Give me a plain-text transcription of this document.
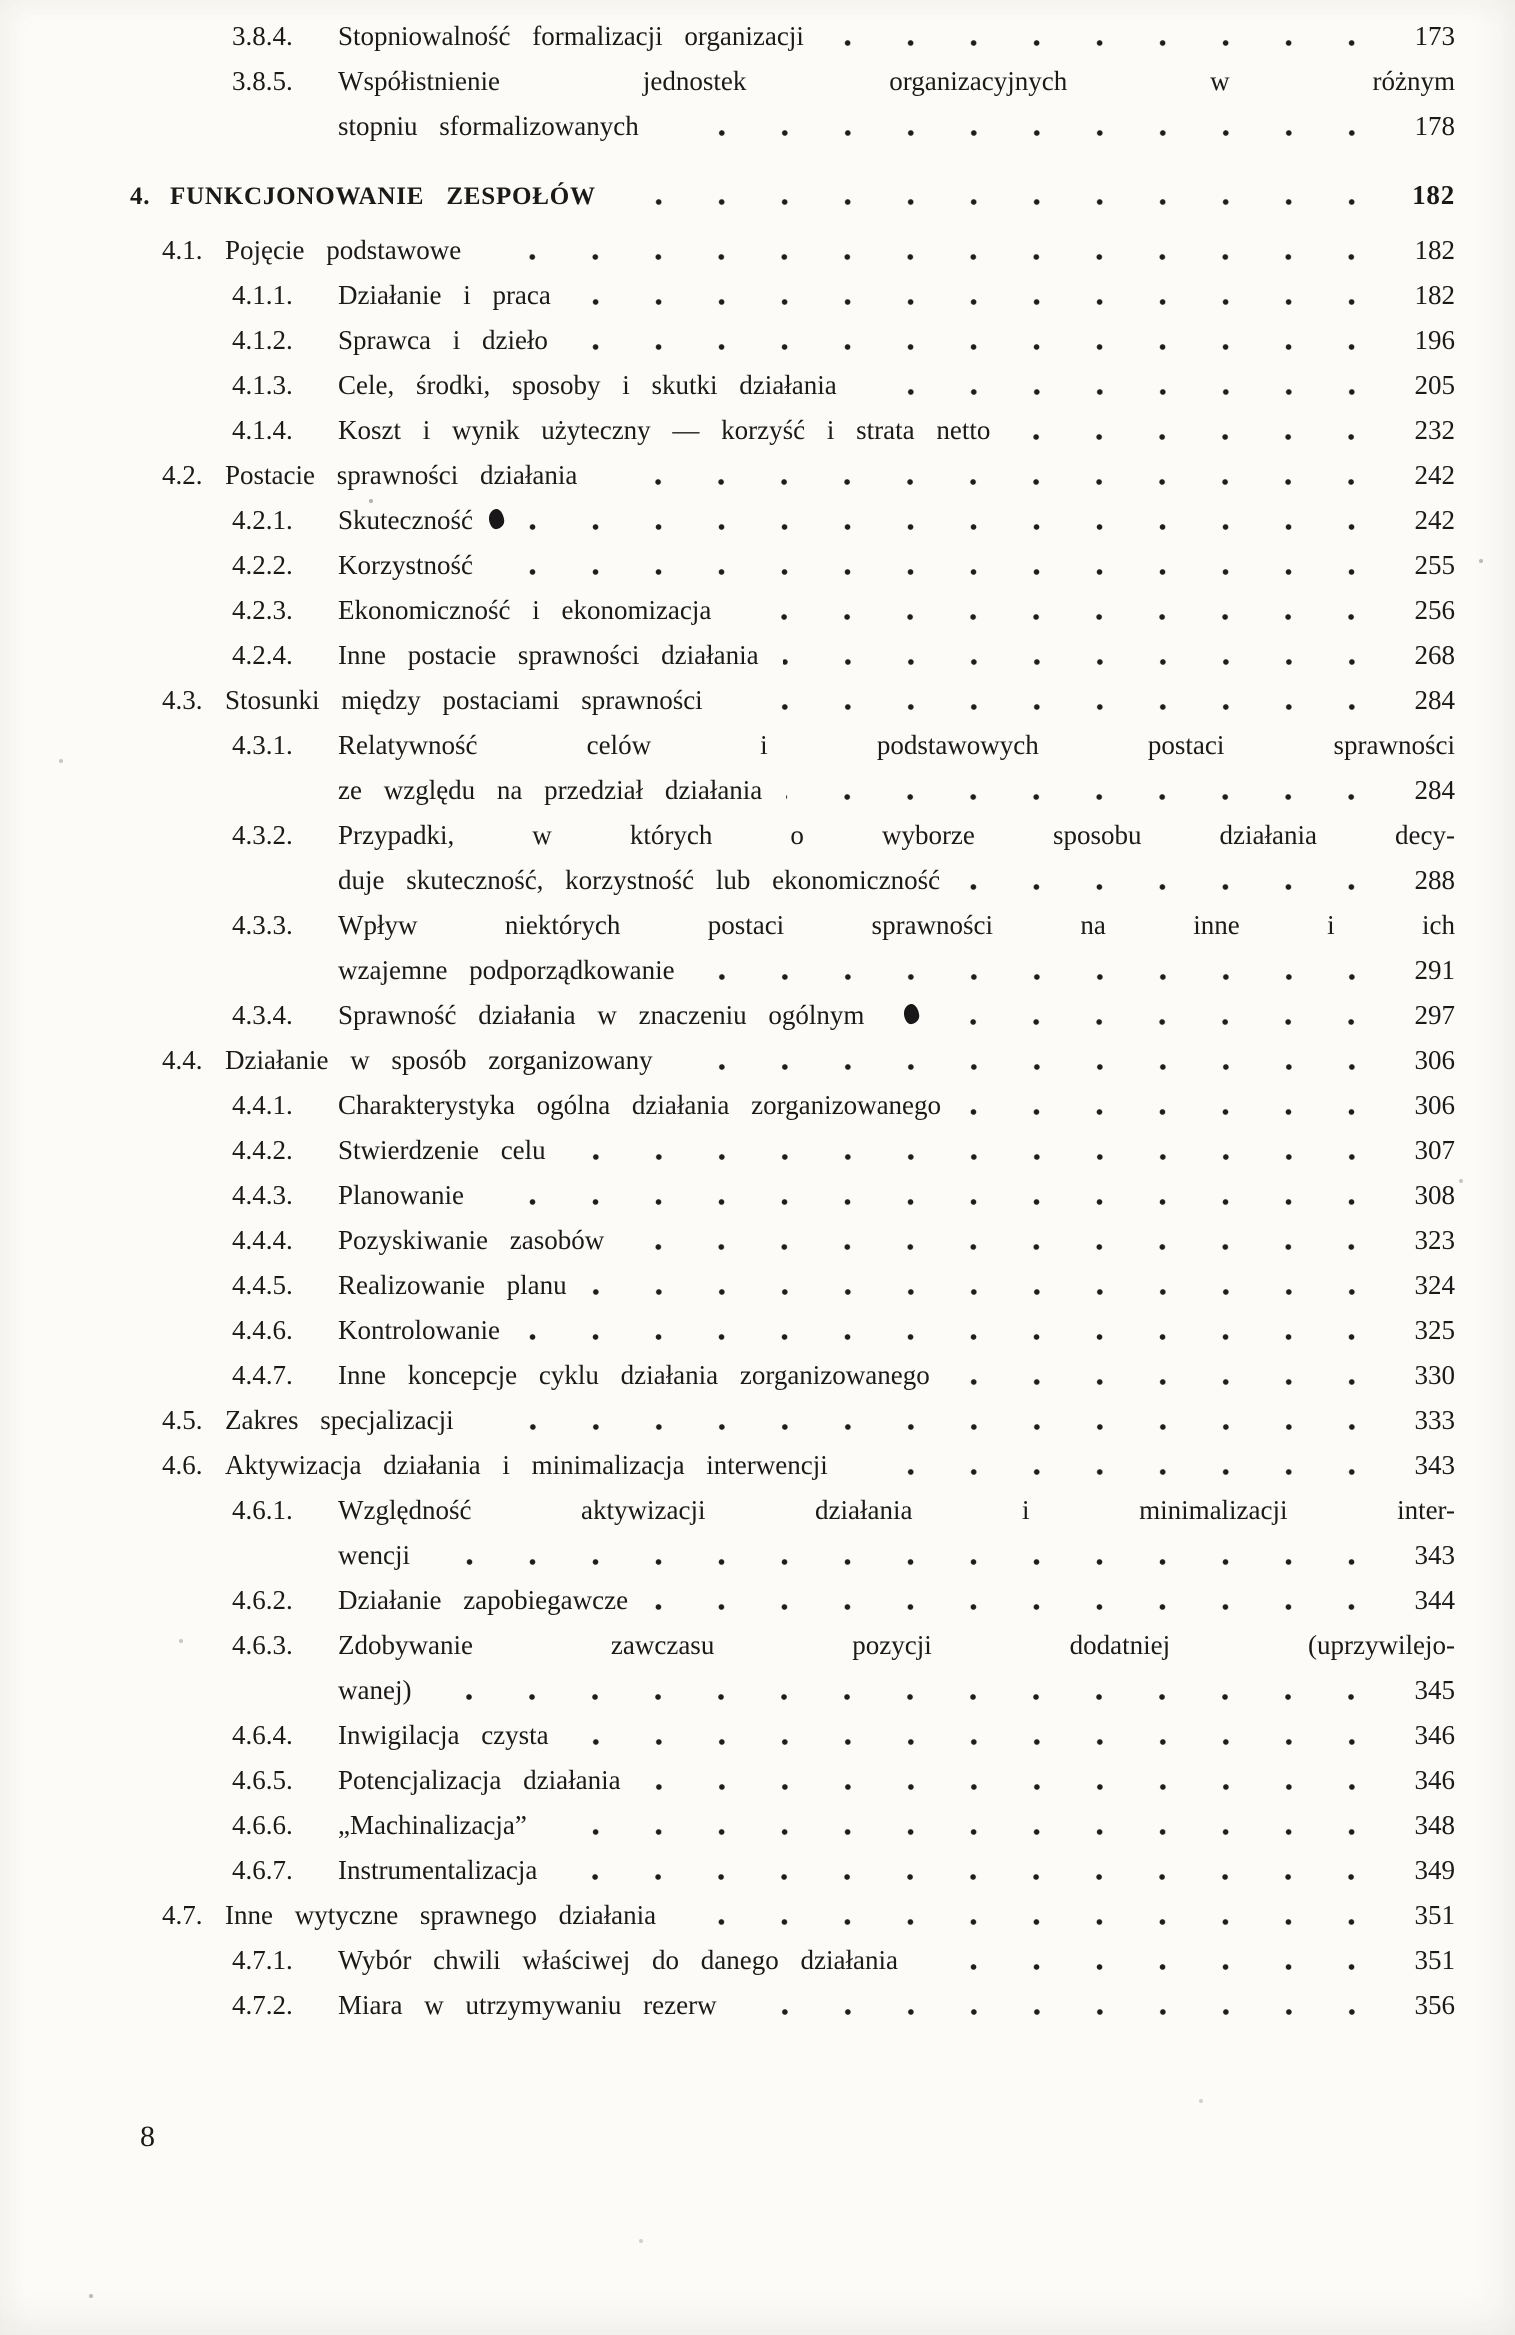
3.8.4.	Stopniowalność formalizacji organizacji	173
3.8.5.	Współistnienie jednostek organizacyjnych w różnym
stopniu sformalizowanych	178
4. FUNKCJONOWANIE ZESPOŁÓW	182
4.1. Pojęcie podstawowe	182
4.1.1.	Działanie i praca	182
4.1.2.	Sprawca i dzieło	196
4.1.3.	Cele, środki, sposoby i skutki działania	205
4.1.4.	Koszt i wynik użyteczny — korzyść i strata netto	232
4.2. Postacie sprawności działania	242
4.2.1.	Skuteczność	242
4.2.2.	Korzystność	255
4.2.3.	Ekonomiczność i ekonomizacja	256
4.2.4.	Inne postacie sprawności działania	268
4.3. Stosunki między postaciami sprawności	284
4.3.1.	Relatywność celów i podstawowych postaci sprawności
ze względu na przedział działania	284
4.3.2.	Przypadki, w których o wyborze sposobu działania decy-
duje skuteczność, korzystność lub ekonomiczność	288
4.3.3.	Wpływ niektórych postaci sprawności na inne i ich
wzajemne podporządkowanie	291
4.3.4.	Sprawność działania w znaczeniu ogólnym	297
4.4. Działanie w sposób zorganizowany	306
4.4.1.	Charakterystyka ogólna działania zorganizowanego	306
4.4.2.	Stwierdzenie celu	307
4.4.3.	Planowanie	308
4.4.4.	Pozyskiwanie zasobów	323
4.4.5.	Realizowanie planu	324
4.4.6.	Kontrolowanie	325
4.4.7.	Inne koncepcje cyklu działania zorganizowanego	330
4.5. Zakres specjalizacji	333
4.6. Aktywizacja działania i minimalizacja interwencji	343
4.6.1.	Względność aktywizacji działania i minimalizacji inter-
wencji	343
4.6.2.	Działanie zapobiegawcze	344
4.6.3.	Zdobywanie zawczasu pozycji dodatniej (uprzywilejo-
wanej)	345
4.6.4.	Inwigilacja czysta	346
4.6.5.	Potencjalizacja działania	346
4.6.6.	„Machinalizacja”	348
4.6.7.	Instrumentalizacja	349
4.7. Inne wytyczne sprawnego działania	351
4.7.1.	Wybór chwili właściwej do danego działania	351
4.7.2.	Miara w utrzymywaniu rezerw	356
8
